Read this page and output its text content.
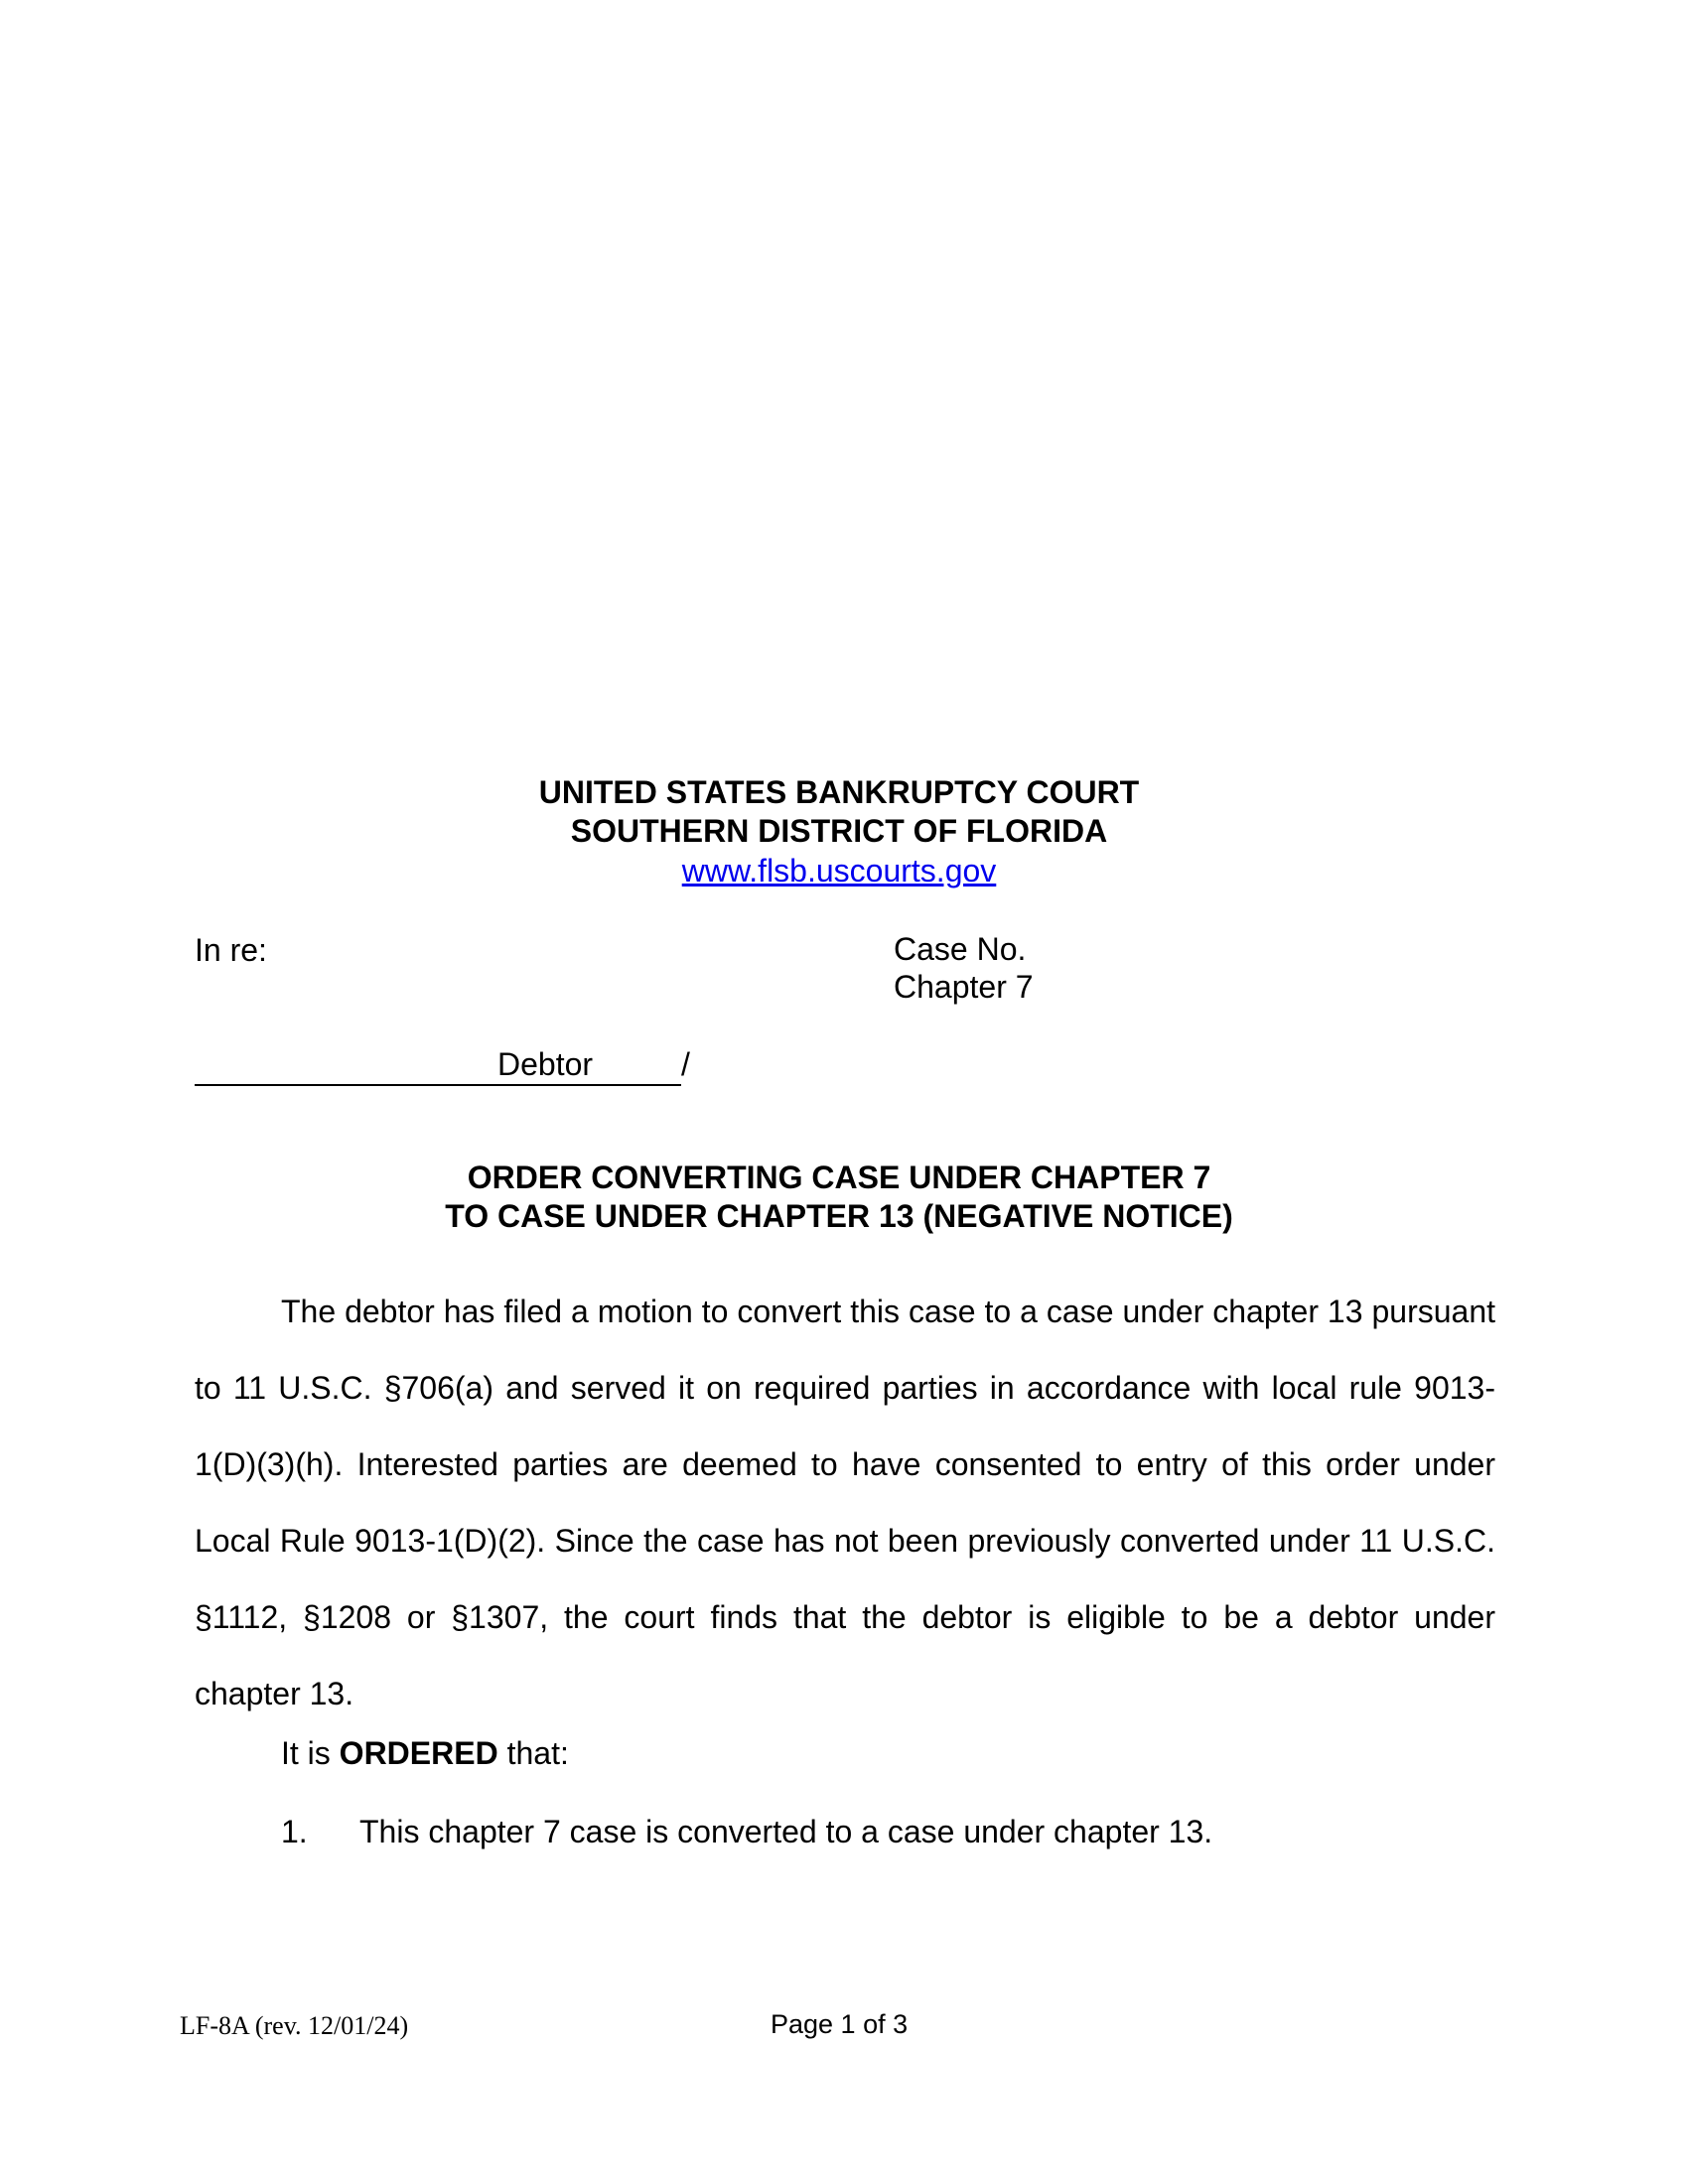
UNITED STATES BANKRUPTCY COURT
SOUTHERN DISTRICT OF FLORIDA
www.flsb.uscourts.gov
In re:	Case No.
Chapter 7
Debtor	/
ORDER CONVERTING CASE UNDER CHAPTER 7
TO CASE UNDER CHAPTER 13 (NEGATIVE NOTICE)
The debtor has filed a motion to convert this case to a case under chapter 13 pursuant to 11 U.S.C. §706(a) and served it on required parties in accordance with local rule 9013-1(D)(3)(h). Interested parties are deemed to have consented to entry of this order under Local Rule 9013-1(D)(2). Since the case has not been previously converted under 11 U.S.C. §1112, §1208 or §1307, the court finds that the debtor is eligible to be a debtor under chapter 13.
It is ORDERED that:
1. This chapter 7 case is converted to a case under chapter 13.
LF-8A (rev. 12/01/24)	Page 1 of 3
